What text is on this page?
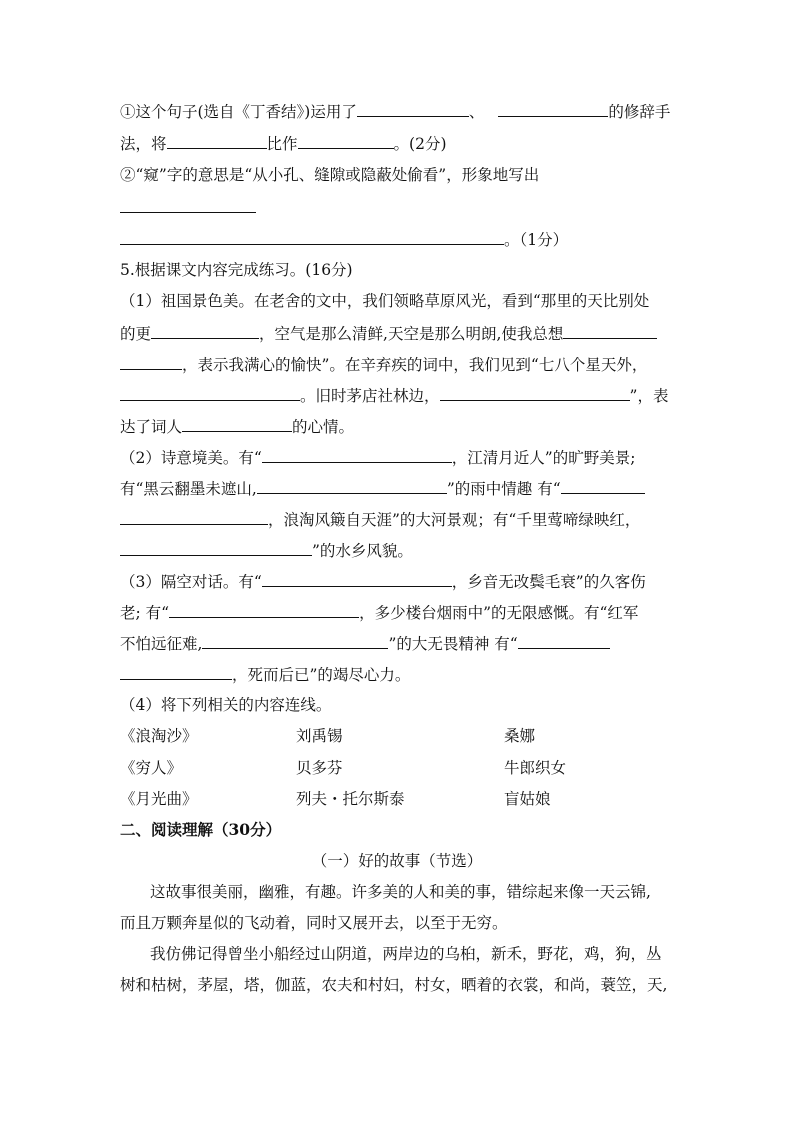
①这个句子(选自《丁香结》)运用了	、	的修辞手
法，将	比作	。(2分)
②“窥”字的意思是“从小孔、缝隙或隐蔽处偷看”，形象地写出
。（1分）
5.根据课文内容完成练习。(16分)
（1）祖国景色美。在老舍的文中，我们领略草原风光，看到“那里的天比别处
的更	，空气是那么清鲜,天空是那么明朗,使我总想
，表示我满心的愉快”。在辛弃疾的词中，我们见到“七八个星天外，
。旧时茅店社林边，	”，表
达了词人	的心情。
（2）诗意境美。有“	，江清月近人”的旷野美景;
有“黑云翻墨未遮山,	”的雨中情趣 有“
，浪淘风簸自天涯”的大河景观；有“千里莺啼绿映红，
”的水乡风貌。
（3）隔空对话。有“	，乡音无改鬓毛衰”的久客伤
老; 有“	，多少楼台烟雨中”的无限感慨。有“红军
不怕远征难,	”的大无畏精神 有“
，死而后已”的竭尽心力。
（4）将下列相关的内容连线。
《浪淘沙》	刘禹锡	桑娜
《穷人》	贝多芬	牛郎织女
《月光曲》	列夫・托尔斯泰	盲姑娘
二、阅读理解（30分）
（一）好的故事（节选）
这故事很美丽，幽雅，有趣。许多美的人和美的事，错综起来像一天云锦,
而且万颗奔星似的飞动着，同时又展开去，以至于无穷。
我仿佛记得曾坐小船经过山阴道，两岸边的乌桕，新禾，野花，鸡，狗，丛
树和枯树，茅屋，塔，伽蓝，农夫和村妇，村女，晒着的衣裳，和尚，蓑笠，天,
